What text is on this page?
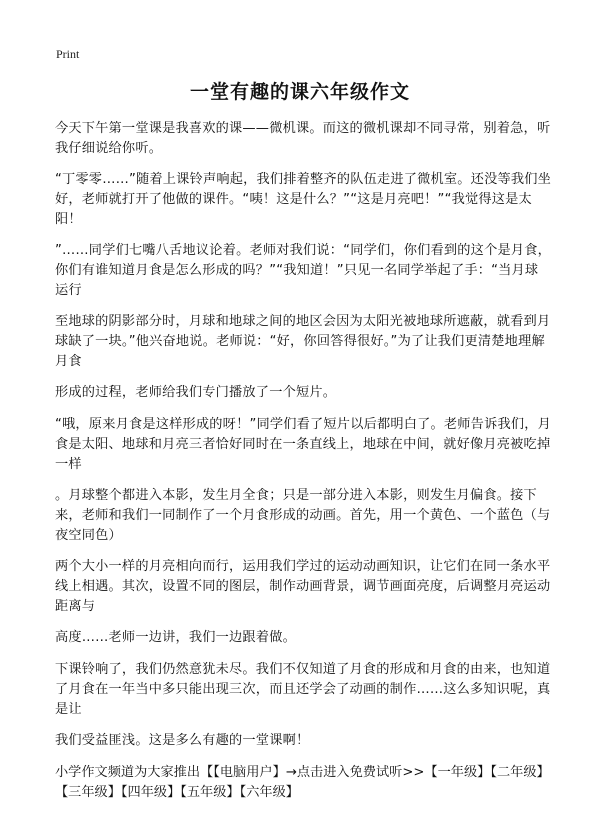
Print
一堂有趣的课六年级作文

今天下午第一堂课是我喜欢的课——微机课。而这的微机课却不同寻常，别着急，听我仔细说给你听。

“丁零零……”随着上课铃声响起，我们排着整齐的队伍走进了微机室。还没等我们坐好，老师就打开了他做的课件。“咦！这是什么？”“这是月亮吧！”“我觉得这是太阳！

”……同学们七嘴八舌地议论着。老师对我们说：“同学们，你们看到的这个是月食，你们有谁知道月食是怎么形成的吗？”“我知道！”只见一名同学举起了手：“当月球运行

至地球的阴影部分时，月球和地球之间的地区会因为太阳光被地球所遮蔽，就看到月球缺了一块。”他兴奋地说。老师说：“好，你回答得很好。”为了让我们更清楚地理解月食

形成的过程，老师给我们专门播放了一个短片。

“哦，原来月食是这样形成的呀！”同学们看了短片以后都明白了。老师告诉我们，月食是太阳、地球和月亮三者恰好同时在一条直线上，地球在中间，就好像月亮被吃掉一样

。月球整个都进入本影，发生月全食；只是一部分进入本影，则发生月偏食。接下来，老师和我们一同制作了一个月食形成的动画。首先，用一个黄色、一个蓝色（与夜空同色）

两个大小一样的月亮相向而行，运用我们学过的运动动画知识，让它们在同一条水平线上相遇。其次，设置不同的图层，制作动画背景，调节画面亮度，后调整月亮运动距离与

高度……老师一边讲，我们一边跟着做。

下课铃响了，我们仍然意犹未尽。我们不仅知道了月食的形成和月食的由来，也知道了月食在一年当中多只能出现三次，而且还学会了动画的制作……这么多知识呢，真是让

我们受益匪浅。这是多么有趣的一堂课啊！

小学作文频道为大家推出【【电脑用户】→点击进入免费试听>>【一年级】【二年级】【三年级】【四年级】【五年级】【六年级】
